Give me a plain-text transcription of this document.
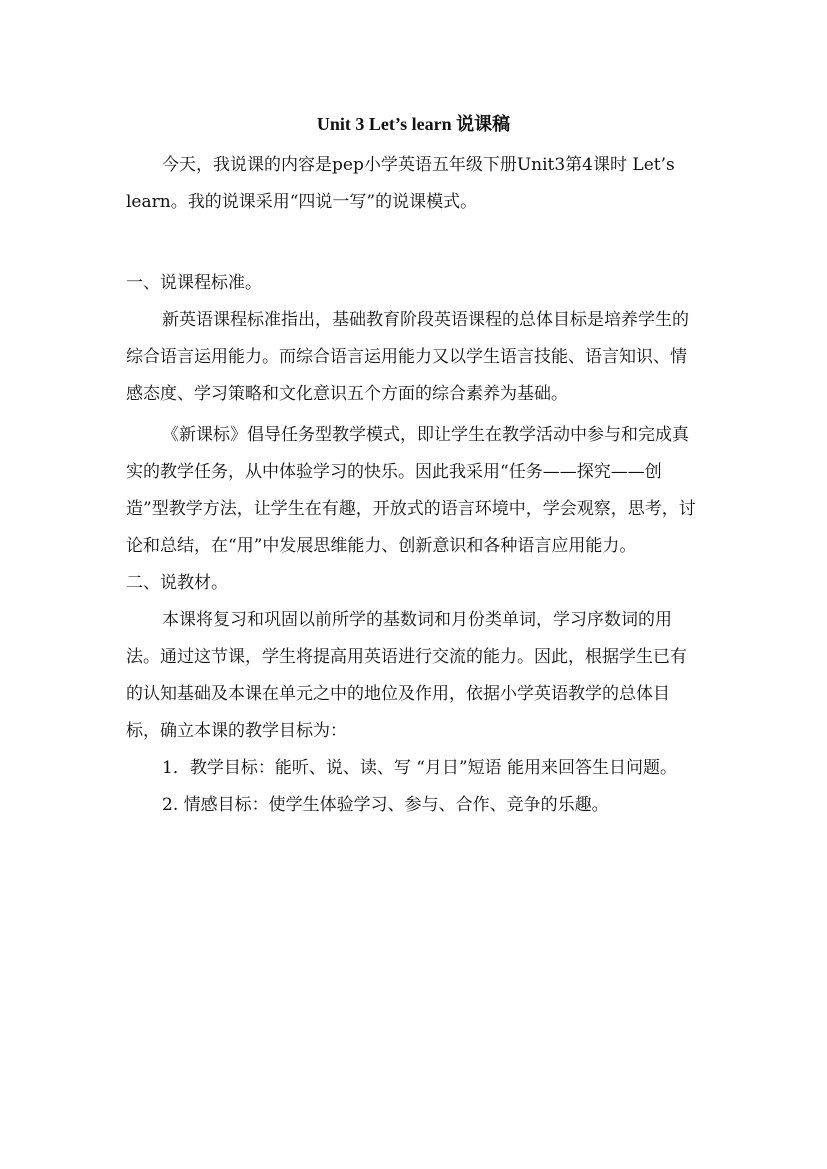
Unit 3 Let’s learn 说课稿

今天，我说课的内容是pep小学英语五年级下册Unit3第4课时 Let’s learn。我的说课采用“四说一写”的说课模式。

一、说课程标准。

新英语课程标准指出，基础教育阶段英语课程的总体目标是培养学生的综合语言运用能力。而综合语言运用能力又以学生语言技能、语言知识、情感态度、学习策略和文化意识五个方面的综合素养为基础。

《新课标》倡导任务型教学模式，即让学生在教学活动中参与和完成真实的教学任务，从中体验学习的快乐。因此我采用“任务——探究——创造”型教学方法，让学生在有趣，开放式的语言环境中，学会观察，思考，讨论和总结，在“用”中发展思维能力、创新意识和各种语言应用能力。

二、说教材。

本课将复习和巩固以前所学的基数词和月份类单词，学习序数词的用法。通过这节课，学生将提高用英语进行交流的能力。因此，根据学生已有的认知基础及本课在单元之中的地位及作用，依据小学英语教学的总体目标，确立本课的教学目标为：

1．教学目标：能听、说、读、写 “月日”短语 能用来回答生日问题。

2. 情感目标：使学生体验学习、参与、合作、竞争的乐趣。
